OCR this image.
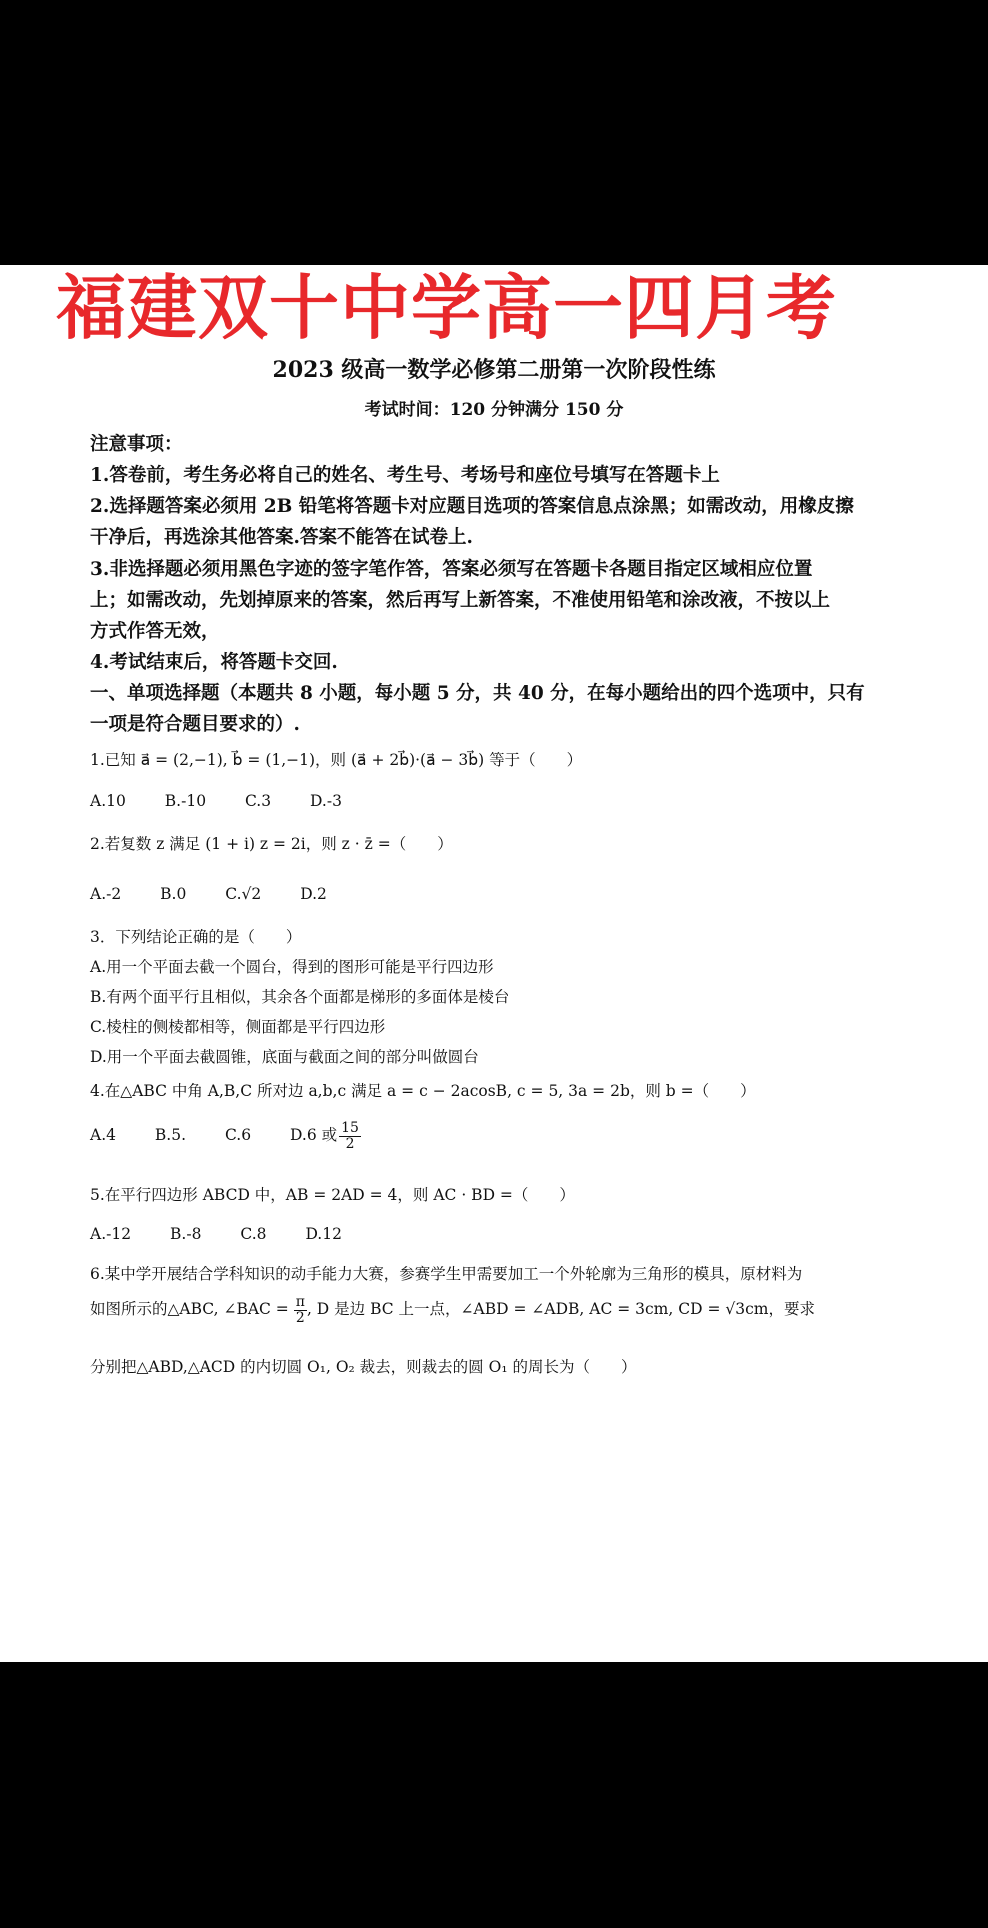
福建双十中学高一四月考
2023 级高一数学必修第二册第一次阶段性练
考试时间：120 分钟满分 150 分
注意事项：
1.答卷前，考生务必将自己的姓名、考生号、考场号和座位号填写在答题卡上
2.选择题答案必须用 2B 铅笔将答题卡对应题目选项的答案信息点涂黑；如需改动，用橡皮擦
干净后，再选涂其他答案.答案不能答在试卷上.
3.非选择题必须用黑色字迹的签字笔作答，答案必须写在答题卡各题目指定区域相应位置
上；如需改动，先划掉原来的答案，然后再写上新答案，不准使用铅笔和涂改液，不按以上
方式作答无效，
4.考试结束后，将答题卡交回.
一、单项选择题（本题共 8 小题，每小题 5 分，共 40 分，在每小题给出的四个选项中，只有
一项是符合题目要求的）.
1.已知 a⃗ = (2,−1), b⃗ = (1,−1)，则 (a⃗ + 2b⃗)·(a⃗ − 3b⃗) 等于（　　）
A.10	B.-10	C.3	D.-3
2.若复数 z 满足 (1 + i) z = 2i，则 z · z̄ =（　　）
A.-2	B.0	C.√2	D.2
3．下列结论正确的是（　　）
A.用一个平面去截一个圆台，得到的图形可能是平行四边形
B.有两个面平行且相似，其余各个面都是梯形的多面体是棱台
C.棱柱的侧棱都相等，侧面都是平行四边形
D.用一个平面去截圆锥，底面与截面之间的部分叫做圆台
4.在△ABC 中角 A,B,C 所对边 a,b,c 满足 a = c − 2acosB, c = 5, 3a = 2b，则 b =（　　）
A.4	B.5.	C.6	D.6 或 $\frac{15}{2}$
5.在平行四边形 ABCD 中，AB = 2AD = 4，则 AC · BD =（　　）
A.-12	B.-8	C.8	D.12
6.某中学开展结合学科知识的动手能力大赛，参赛学生甲需要加工一个外轮廓为三角形的模具，原材料为
如图所示的△ABC, ∠BAC = $\frac{\pi}{2}$ , D 是边 BC 上一点，∠ABD = ∠ADB, AC = 3cm, CD = √3cm，要求
分别把△ABD,△ACD 的内切圆 O₁, O₂ 裁去，则裁去的圆 O₁ 的周长为（　　）
